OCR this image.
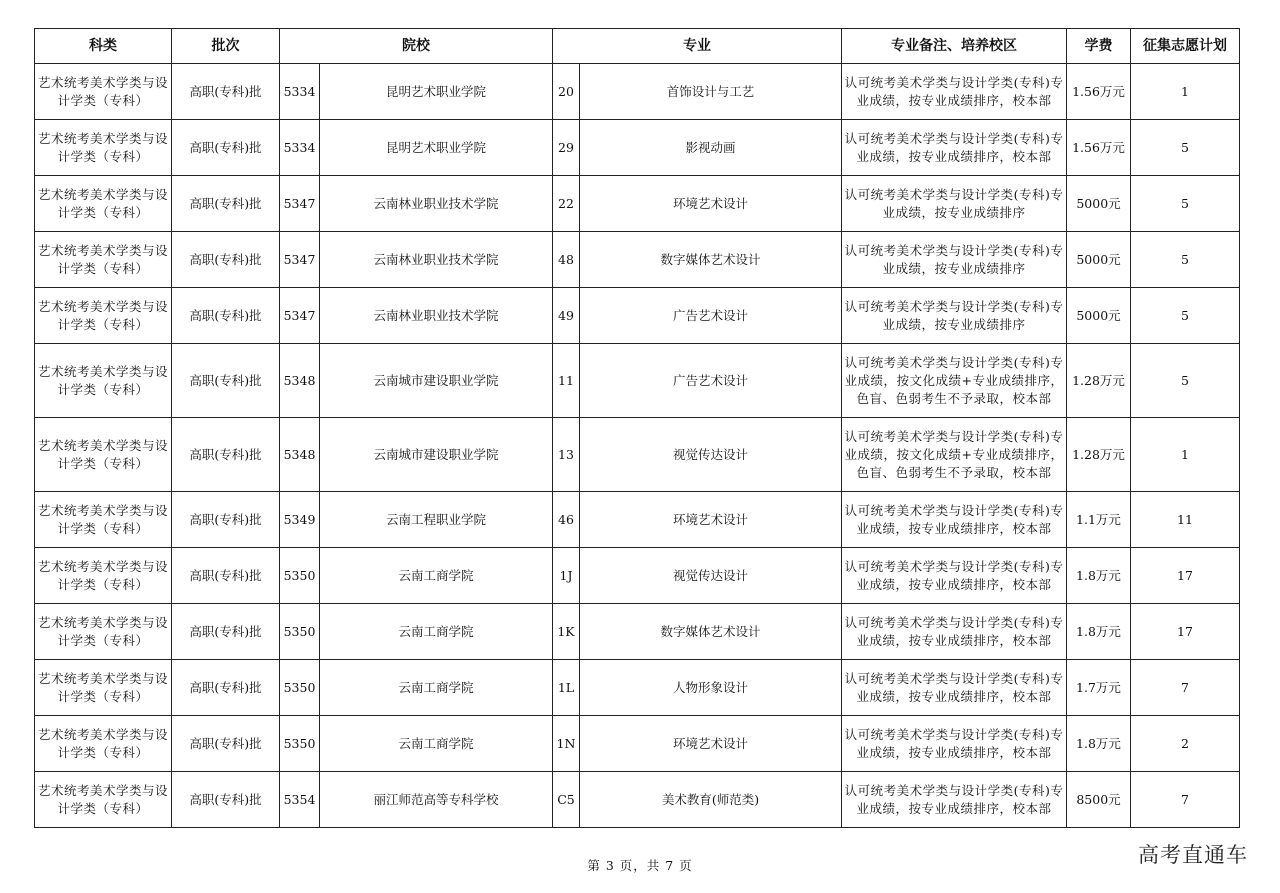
科类	批次	院校		专业		专业备注、培养校区	学费	征集志愿计划
艺术统考美术学类与设计学类（专科）	高职(专科)批	5334	昆明艺术职业学院	20	首饰设计与工艺	认可统考美术学类与设计学类(专科)专业成绩，按专业成绩排序，校本部	1.56万元	1
艺术统考美术学类与设计学类（专科）	高职(专科)批	5334	昆明艺术职业学院	29	影视动画	认可统考美术学类与设计学类(专科)专业成绩，按专业成绩排序，校本部	1.56万元	5
艺术统考美术学类与设计学类（专科）	高职(专科)批	5347	云南林业职业技术学院	22	环境艺术设计	认可统考美术学类与设计学类(专科)专业成绩，按专业成绩排序	5000元	5
艺术统考美术学类与设计学类（专科）	高职(专科)批	5347	云南林业职业技术学院	48	数字媒体艺术设计	认可统考美术学类与设计学类(专科)专业成绩，按专业成绩排序	5000元	5
艺术统考美术学类与设计学类（专科）	高职(专科)批	5347	云南林业职业技术学院	49	广告艺术设计	认可统考美术学类与设计学类(专科)专业成绩，按专业成绩排序	5000元	5
艺术统考美术学类与设计学类（专科）	高职(专科)批	5348	云南城市建设职业学院	11	广告艺术设计	认可统考美术学类与设计学类(专科)专业成绩，按文化成绩+专业成绩排序，色盲、色弱考生不予录取，校本部	1.28万元	5
艺术统考美术学类与设计学类（专科）	高职(专科)批	5348	云南城市建设职业学院	13	视觉传达设计	认可统考美术学类与设计学类(专科)专业成绩，按文化成绩+专业成绩排序，色盲、色弱考生不予录取，校本部	1.28万元	1
艺术统考美术学类与设计学类（专科）	高职(专科)批	5349	云南工程职业学院	46	环境艺术设计	认可统考美术学类与设计学类(专科)专业成绩，按专业成绩排序，校本部	1.1万元	11
艺术统考美术学类与设计学类（专科）	高职(专科)批	5350	云南工商学院	1J	视觉传达设计	认可统考美术学类与设计学类(专科)专业成绩，按专业成绩排序，校本部	1.8万元	17
艺术统考美术学类与设计学类（专科）	高职(专科)批	5350	云南工商学院	1K	数字媒体艺术设计	认可统考美术学类与设计学类(专科)专业成绩，按专业成绩排序，校本部	1.8万元	17
艺术统考美术学类与设计学类（专科）	高职(专科)批	5350	云南工商学院	1L	人物形象设计	认可统考美术学类与设计学类(专科)专业成绩，按专业成绩排序，校本部	1.7万元	7
艺术统考美术学类与设计学类（专科）	高职(专科)批	5350	云南工商学院	1N	环境艺术设计	认可统考美术学类与设计学类(专科)专业成绩，按专业成绩排序，校本部	1.8万元	2
艺术统考美术学类与设计学类（专科）	高职(专科)批	5354	丽江师范高等专科学校	C5	美术教育(师范类)	认可统考美术学类与设计学类(专科)专业成绩，按专业成绩排序，校本部	8500元	7
第 3 页，共 7 页	高考直通车
